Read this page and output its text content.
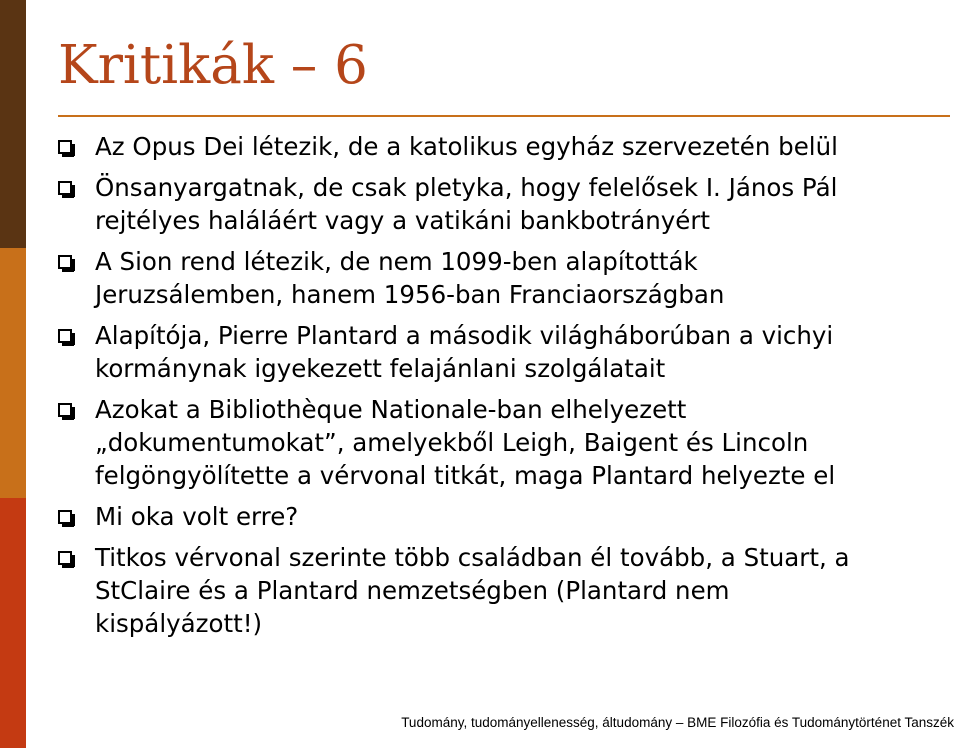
Kritikák – 6
Az Opus Dei létezik, de a katolikus egyház szervezetén belül
Önsanyargatnak, de csak pletyka, hogy felelősek I. János Pál
rejtélyes haláláért vagy a vatikáni bankbotrányért
A Sion rend létezik, de nem 1099-ben alapították
Jeruzsálemben, hanem 1956-ban Franciaországban
Alapítója, Pierre Plantard a második világháborúban a vichyi
kormánynak igyekezett felajánlani szolgálatait
Azokat a Bibliothèque Nationale-ban elhelyezett
„dokumentumokat”, amelyekből Leigh, Baigent és Lincoln
felgöngyölítette a vérvonal titkát, maga Plantard helyezte el
Mi oka volt erre?
Titkos vérvonal szerinte több családban él tovább, a Stuart, a
StClaire és a Plantard nemzetségben (Plantard nem
kispályázott!)
Tudomány, tudományellenesség, áltudomány – BME Filozófia és Tudománytörténet Tanszék
